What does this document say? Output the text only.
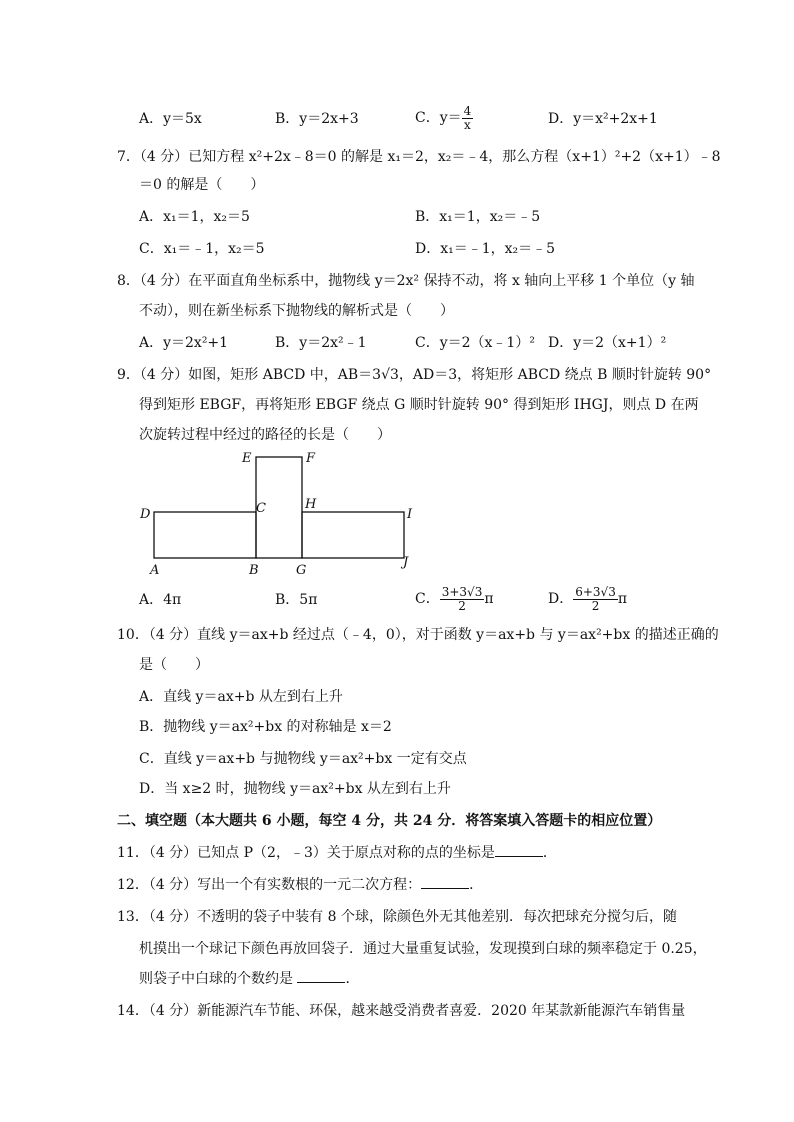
A．y＝5x	B．y＝2x+3	C．$y= \frac{4}{x}$	D．y＝x²+2x+1
7．（4 分）已知方程 x²+2x﹣8＝0 的解是 x₁＝2，x₂＝﹣4，那么方程（x+1）²+2（x+1）﹣8
＝0 的解是（　　）
A．x₁＝1，x₂＝5	B．x₁＝1，x₂＝﹣5
C．x₁＝﹣1，x₂＝5	D．x₁＝﹣1，x₂＝﹣5
8．（4 分）在平面直角坐标系中，抛物线 y＝2x² 保持不动，将 x 轴向上平移 1 个单位（y 轴
不动），则在新坐标系下抛物线的解析式是（　　）
A．y＝2x²+1	B．y＝2x²﹣1	C．y＝2（x﹣1）² D．y＝2（x+1）²
9．（4 分）如图，矩形 ABCD 中，AB＝3√3，AD＝3，将矩形 ABCD 绕点 B 顺时针旋转 90°
得到矩形 EBGF，再将矩形 EBGF 绕点 G 顺时针旋转 90° 得到矩形 IHGJ，则点 D 在两
次旋转过程中经过的路径的长是（　　）
E	F
D	C	H
I
A	B	G
J
A．4π	B．5π	C． $\frac{3+3√3}{2}$ π	D． $\frac{6+3√3}{2}$ π
10．（4 分）直线 y＝ax+b 经过点（﹣4，0），对于函数 y＝ax+b 与 y＝ax²+bx 的描述正确的
是（　　）
A．直线 y＝ax+b 从左到右上升
B．抛物线 y＝ax²+bx 的对称轴是 x＝2
C．直线 y＝ax+b 与抛物线 y＝ax²+bx 一定有交点
D．当 x≥2 时，抛物线 y＝ax²+bx 从左到右上升
二、填空题（本大题共 6 小题，每空 4 分，共 24 分．将答案填入答题卡的相应位置）
11．（4 分）已知点 P（2，﹣3）关于原点对称的点的坐标是	．
12．（4 分）写出一个有实数根的一元二次方程：	．
13．（4 分）不透明的袋子中装有 8 个球，除颜色外无其他差别．每次把球充分搅匀后，随
机摸出一个球记下颜色再放回袋子．通过大量重复试验，发现摸到白球的频率稳定于 0.25，
则袋子中白球的个数约是	．
14．（4 分）新能源汽车节能、环保，越来越受消费者喜爱．2020 年某款新能源汽车销售量
